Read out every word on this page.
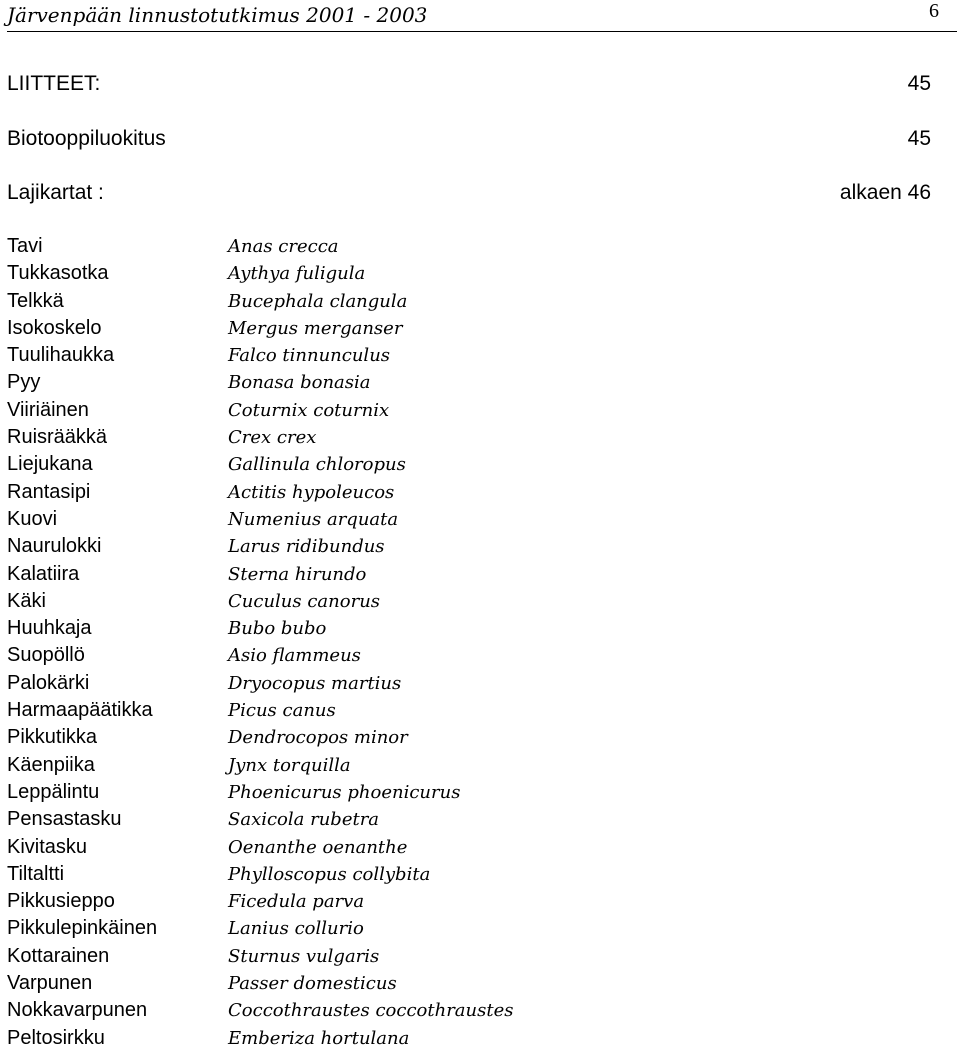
Järvenpään linnustotutkimus 2001 - 2003	6
LIITTEET:	45
Biotooppiluokitus	45
Lajikartat :	alkaen 46
Tavi	Anas crecca
Tukkasotka	Aythya fuligula
Telkkä	Bucephala clangula
Isokoskelo	Mergus merganser
Tuulihaukka	Falco tinnunculus
Pyy	Bonasa bonasia
Viiriäinen	Coturnix coturnix
Ruisrääkkä	Crex crex
Liejukana	Gallinula chloropus
Rantasipi	Actitis hypoleucos
Kuovi	Numenius arquata
Naurulokki	Larus ridibundus
Kalatiira	Sterna hirundo
Käki	Cuculus canorus
Huuhkaja	Bubo bubo
Suopöllö	Asio flammeus
Palokärki	Dryocopus martius
Harmaapäätikka	Picus canus
Pikkutikka	Dendrocopos minor
Käenpiika	Jynx torquilla
Leppälintu	Phoenicurus phoenicurus
Pensastasku	Saxicola rubetra
Kivitasku	Oenanthe oenanthe
Tiltaltti	Phylloscopus collybita
Pikkusieppo	Ficedula parva
Pikkulepinkäinen	Lanius collurio
Kottarainen	Sturnus vulgaris
Varpunen	Passer domesticus
Nokkavarpunen	Coccothraustes coccothraustes
Peltosirkku	Emberiza hortulana
